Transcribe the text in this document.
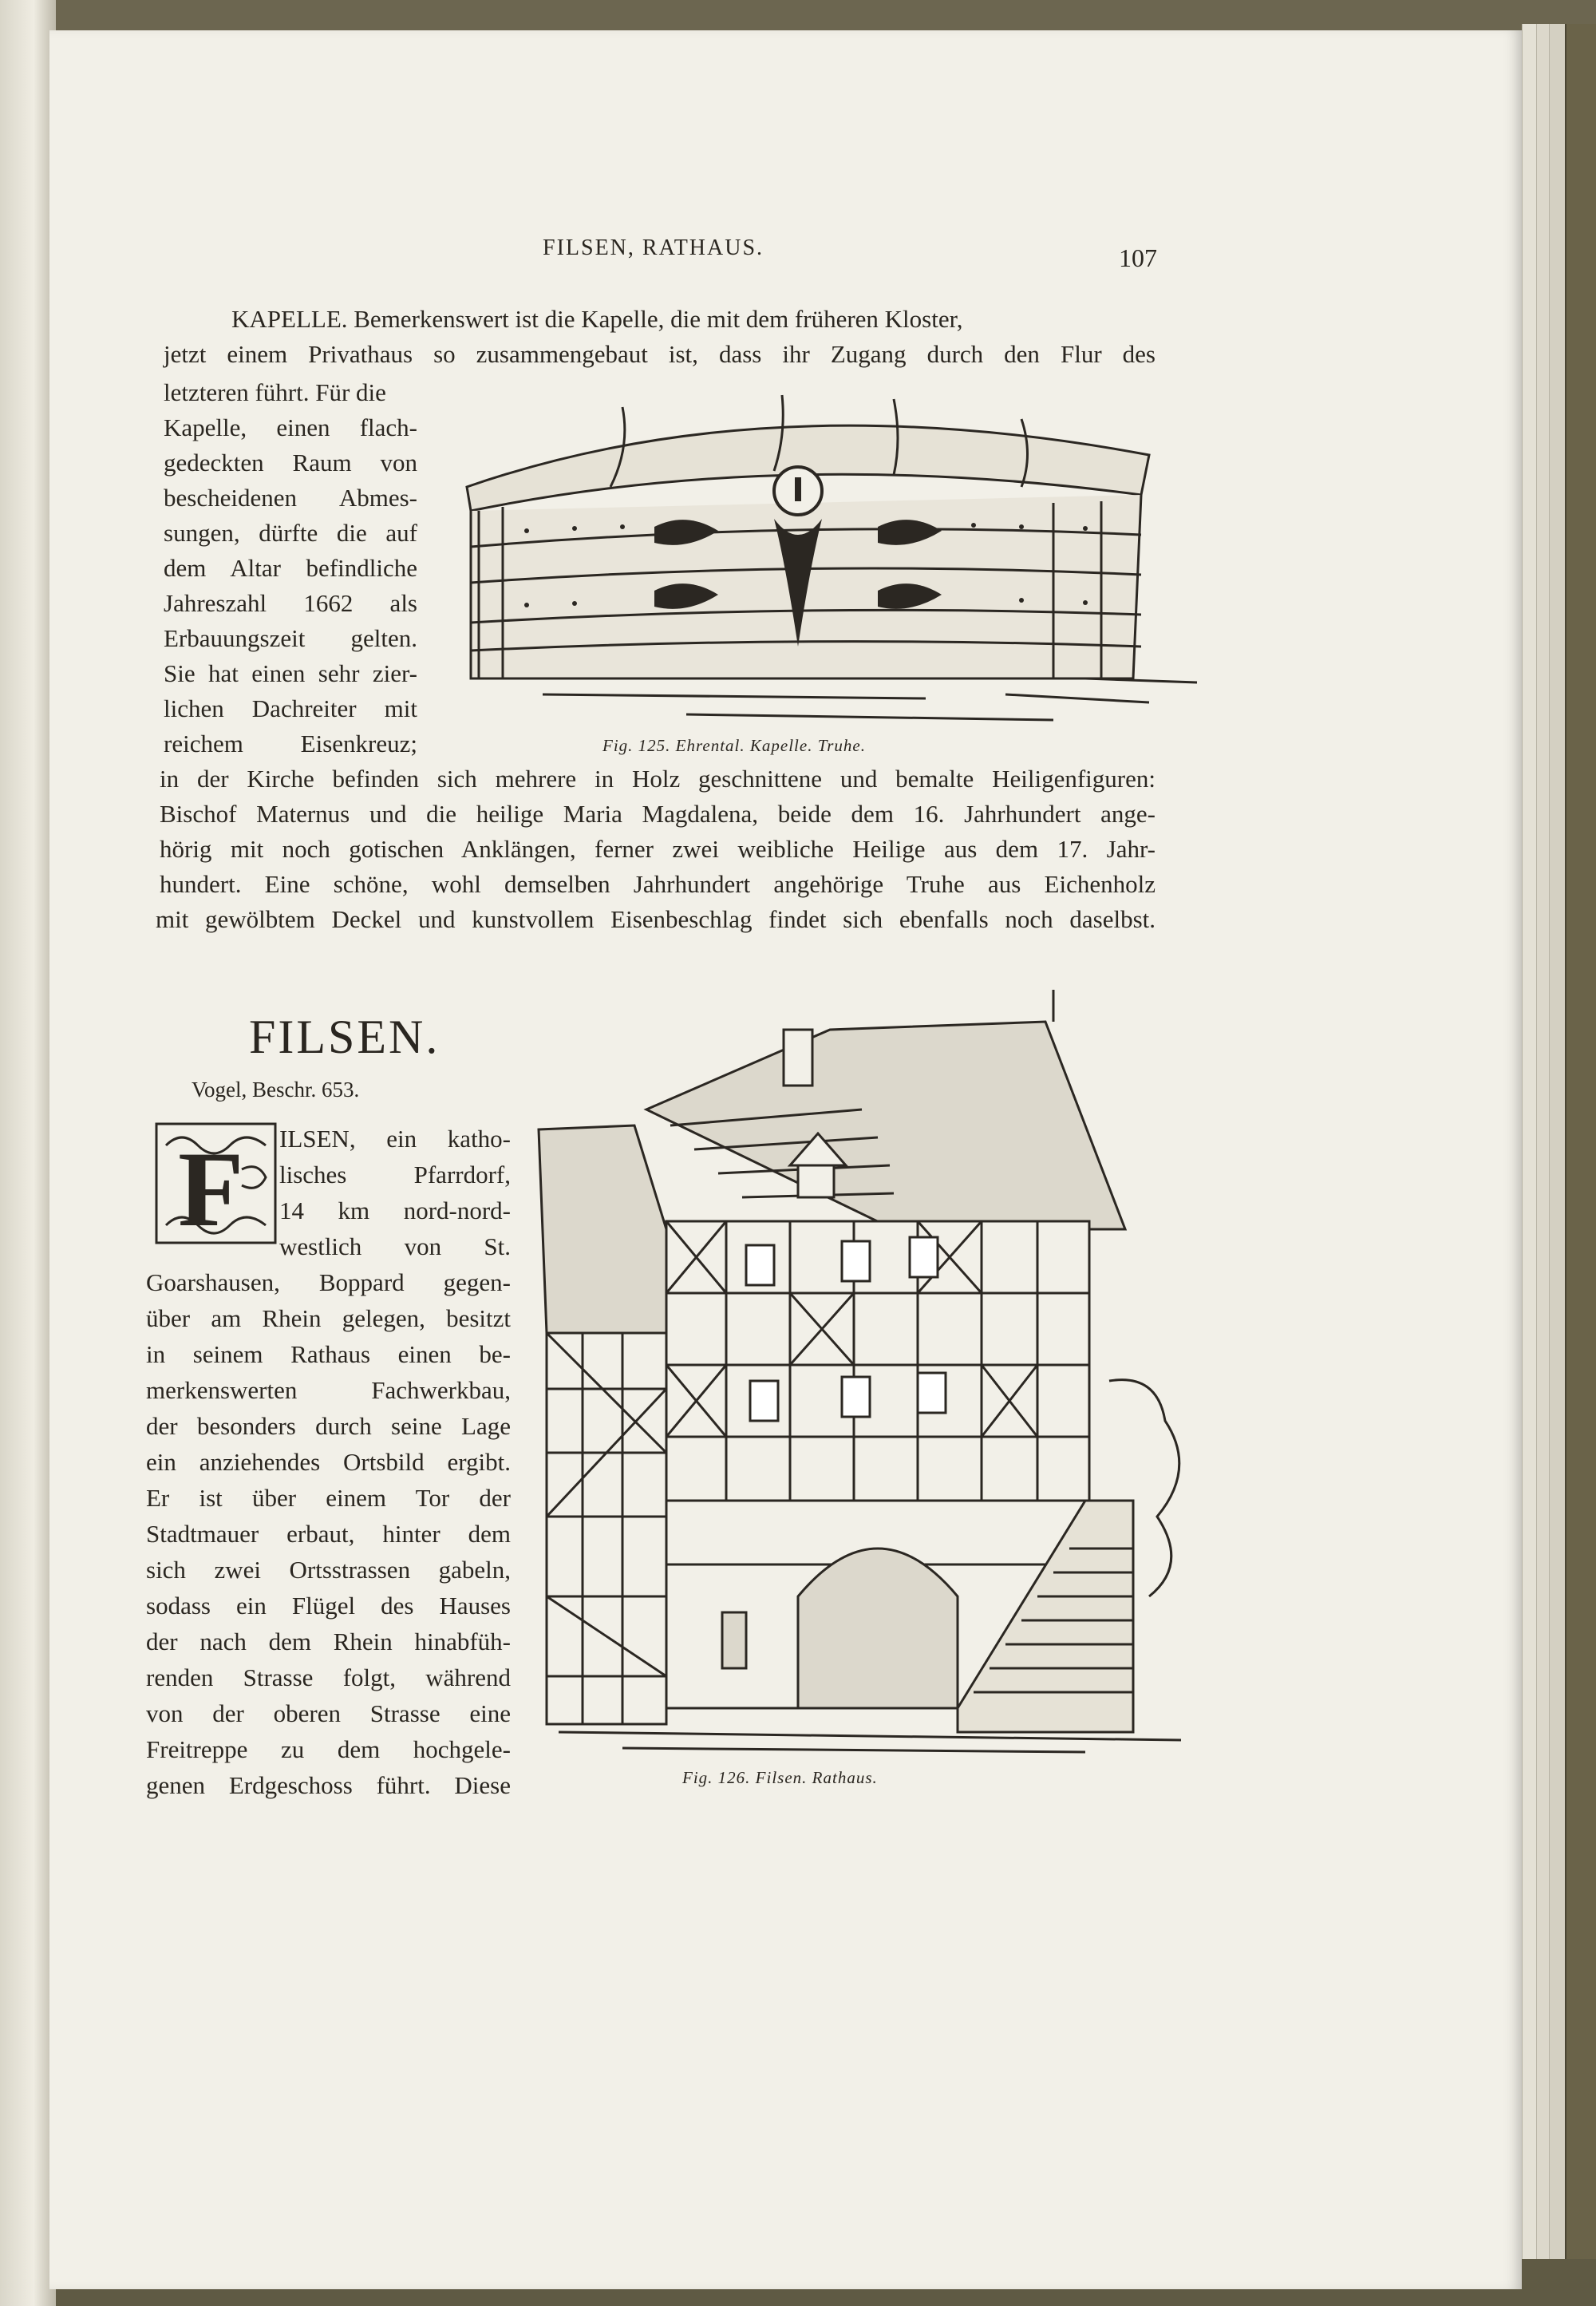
FILSEN, RATHAUS.	107
KAPELLE. Bemerkenswert ist die Kapelle, die mit dem früheren Kloster,
jetzt einem Privathaus so zusammengebaut ist, dass ihr Zugang durch den Flur des
letzteren führt. Für die
Kapelle, einen flach-
gedeckten Raum von
bescheidenen Abmes-
sungen, dürfte die auf
dem Altar befindliche
Jahreszahl 1662 als
Erbauungszeit gelten.
Sie hat einen sehr zier-
lichen Dachreiter mit
reichem Eisenkreuz;
in der Kirche befinden sich mehrere in Holz geschnittene und bemalte Heiligenfiguren:
Bischof Maternus und die heilige Maria Magdalena, beide dem 16. Jahrhundert ange-
hörig mit noch gotischen Anklängen, ferner zwei weibliche Heilige aus dem 17. Jahr-
hundert. Eine schöne, wohl demselben Jahrhundert angehörige Truhe aus Eichenholz
mit gewölbtem Deckel und kunstvollem Eisenbeschlag findet sich ebenfalls noch daselbst.
Fig. 125. Ehrental. Kapelle. Truhe.
FILSEN.
Vogel, Beschr. 653.
F ILSEN, ein katho-
lisches Pfarrdorf,
14 km nord-nord-
westlich von St.
Goarshausen, Boppard gegen-
über am Rhein gelegen, besitzt
in seinem Rathaus einen be-
merkenswerten Fachwerkbau,
der besonders durch seine Lage
ein anziehendes Ortsbild ergibt.
Er ist über einem Tor der
Stadtmauer erbaut, hinter dem
sich zwei Ortsstrassen gabeln,
sodass ein Flügel des Hauses
der nach dem Rhein hinabfüh-
renden Strasse folgt, während
von der oberen Strasse eine
Freitreppe zu dem hochgele-
genen Erdgeschoss führt. Diese	Fig. 126. Filsen. Rathaus.
